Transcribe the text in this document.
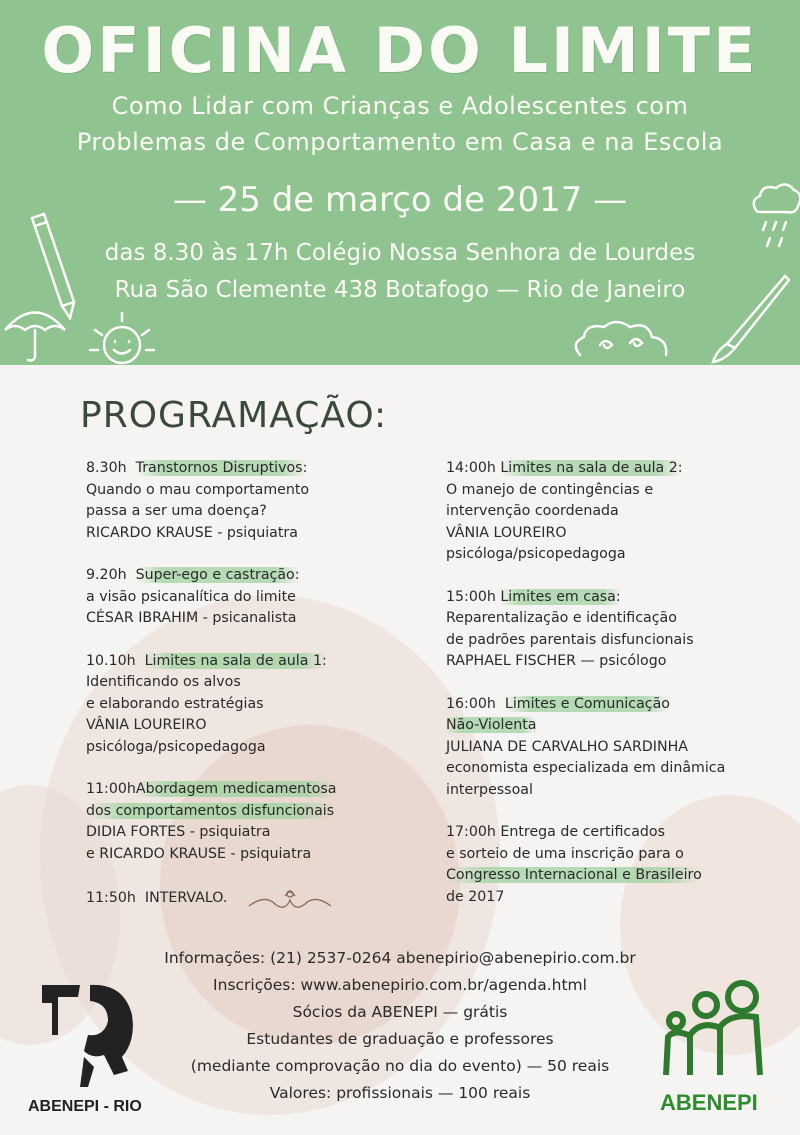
OFICINA DO LIMITE
Como Lidar com Crianças e Adolescentes com
Problemas de Comportamento em Casa e na Escola
— 25 de março de 2017 —
das 8.30 às 17h Colégio Nossa Senhora de Lourdes
Rua São Clemente 438 Botafogo — Rio de Janeiro
PROGRAMAÇÃO:
8.30h Transtornos Disruptivos:
Quando o mau comportamento
passa a ser uma doença?
RICARDO KRAUSE - psiquiatra
9.20h Super-ego e castração:
a visão psicanalítica do limite
CÉSAR IBRAHIM - psicanalista
10.10h Limites na sala de aula 1:
Identificando os alvos
e elaborando estratégias
VÂNIA LOUREIRO
psicóloga/psicopedagoga
11:00hAbordagem medicamentosa
dos comportamentos disfuncionais
DIDIA FORTES - psiquiatra
e RICARDO KRAUSE - psiquiatra
11:50h  INTERVALO.
14:00h Limites na sala de aula 2:
O manejo de contingências e
intervenção coordenada
VÂNIA LOUREIRO
psicóloga/psicopedagoga
15:00h Limites em casa:
Reparentalização e identificação
de padrões parentais disfuncionais
RAPHAEL FISCHER — psicólogo
16:00h Limites e Comunicação
Não-Violenta
JULIANA DE CARVALHO SARDINHA
economista especializada em dinâmica
interpessoal
17:00h Entrega de certificados
e sorteio de uma inscrição para o
Congresso Internacional e Brasileiro
de 2017
Informações: (21) 2537-0264 abenepirio@abenepirio.com.br
Inscrições: www.abenepirio.com.br/agenda.html
Sócios da ABENEPI — grátis
Estudantes de graduação e professores
(mediante comprovação no dia do evento) — 50 reais
Valores: profissionais — 100 reais
ABENEPI - RIO	ABENEPI
